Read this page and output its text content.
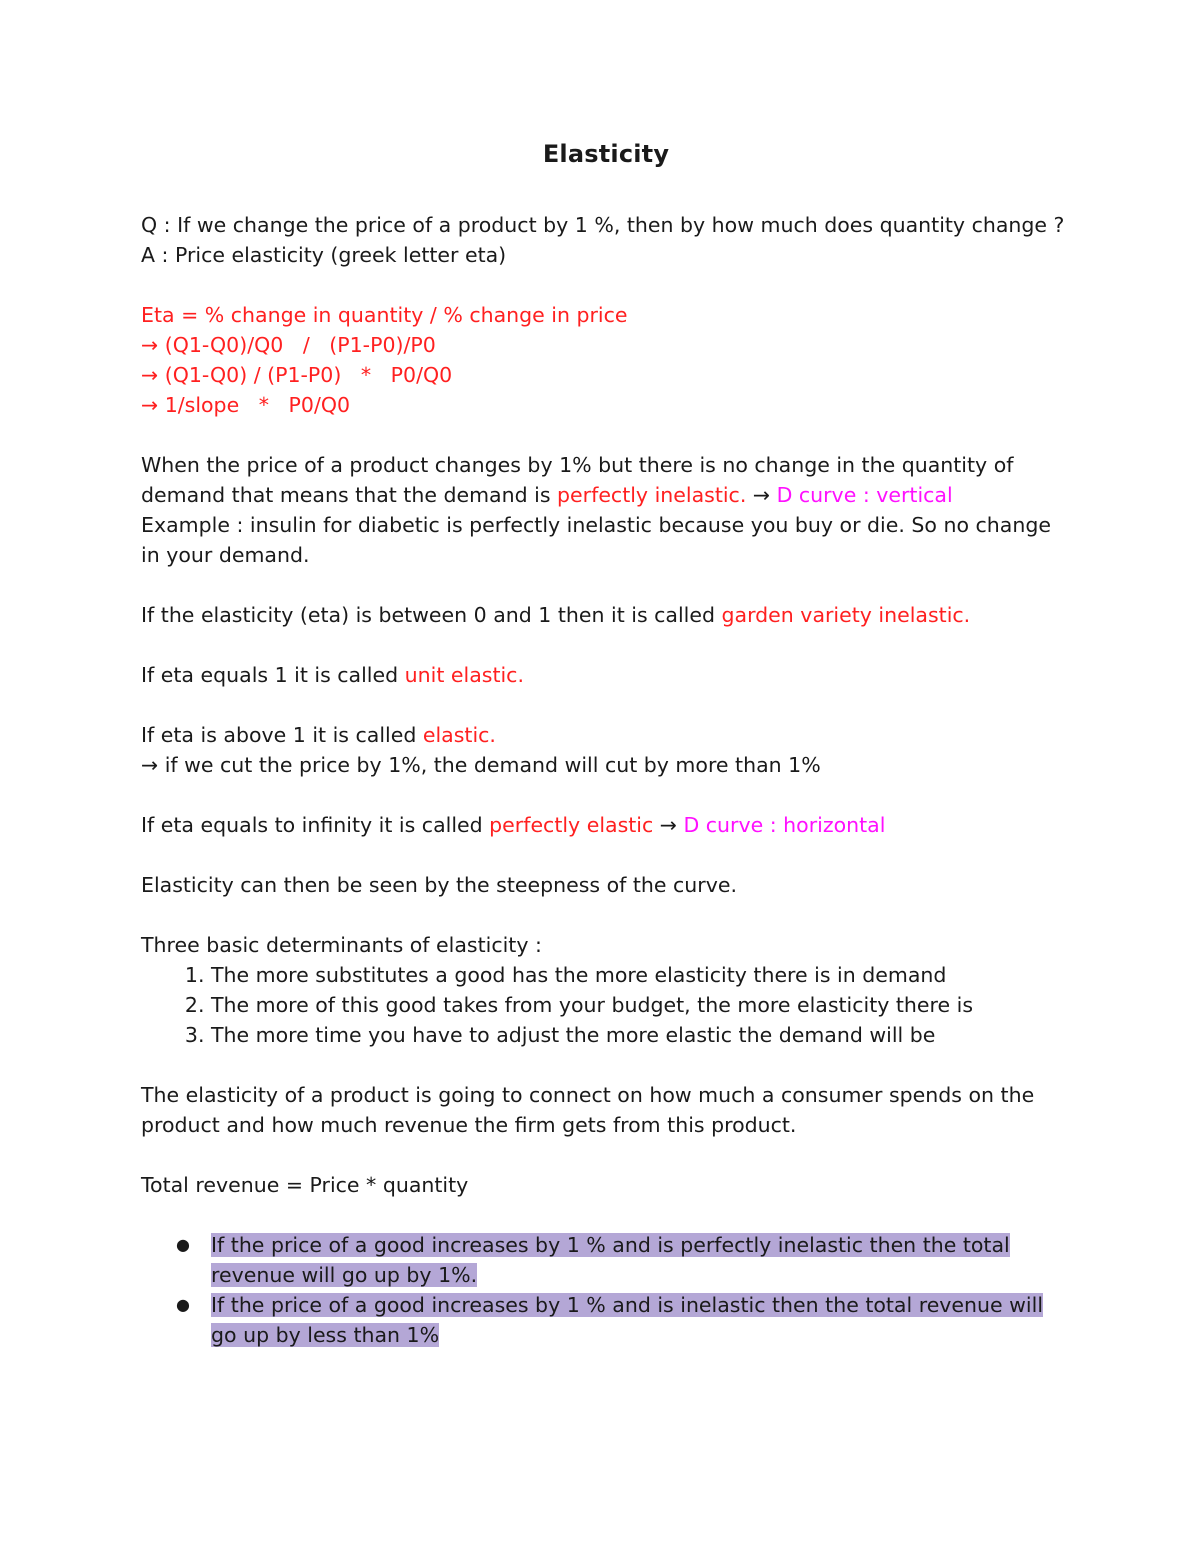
Elasticity

Q : If we change the price of a product by 1 %, then by how much does quantity change ?

A : Price elasticity (greek letter eta)

Eta = % change in quantity / % change in price

→ (Q1-Q0)/Q0   /   (P1-P0)/P0

→ (Q1-Q0) / (P1-P0)   *   P0/Q0

→ 1/slope   *   P0/Q0

When the price of a product changes by 1% but there is no change in the quantity of demand that means that the demand is perfectly inelastic. → D curve : vertical

Example : insulin for diabetic is perfectly inelastic because you buy or die. So no change in your demand.

If the elasticity (eta) is between 0 and 1 then it is called garden variety inelastic.

If eta equals 1 it is called unit elastic.

If eta is above 1 it is called elastic.

→ if we cut the price by 1%, the demand will cut by more than 1%

If eta equals to infinity it is called perfectly elastic → D curve : horizontal

Elasticity can then be seen by the steepness of the curve.

Three basic determinants of elasticity :

1. The more substitutes a good has the more elasticity there is in demand
2. The more of this good takes from your budget, the more elasticity there is
3. The more time you have to adjust the more elastic the demand will be

The elasticity of a product is going to connect on how much a consumer spends on the product and how much revenue the firm gets from this product.

Total revenue = Price * quantity

● If the price of a good increases by 1 % and is perfectly inelastic then the total revenue will go up by 1%.
● If the price of a good increases by 1 % and is inelastic then the total revenue will go up by less than 1%
